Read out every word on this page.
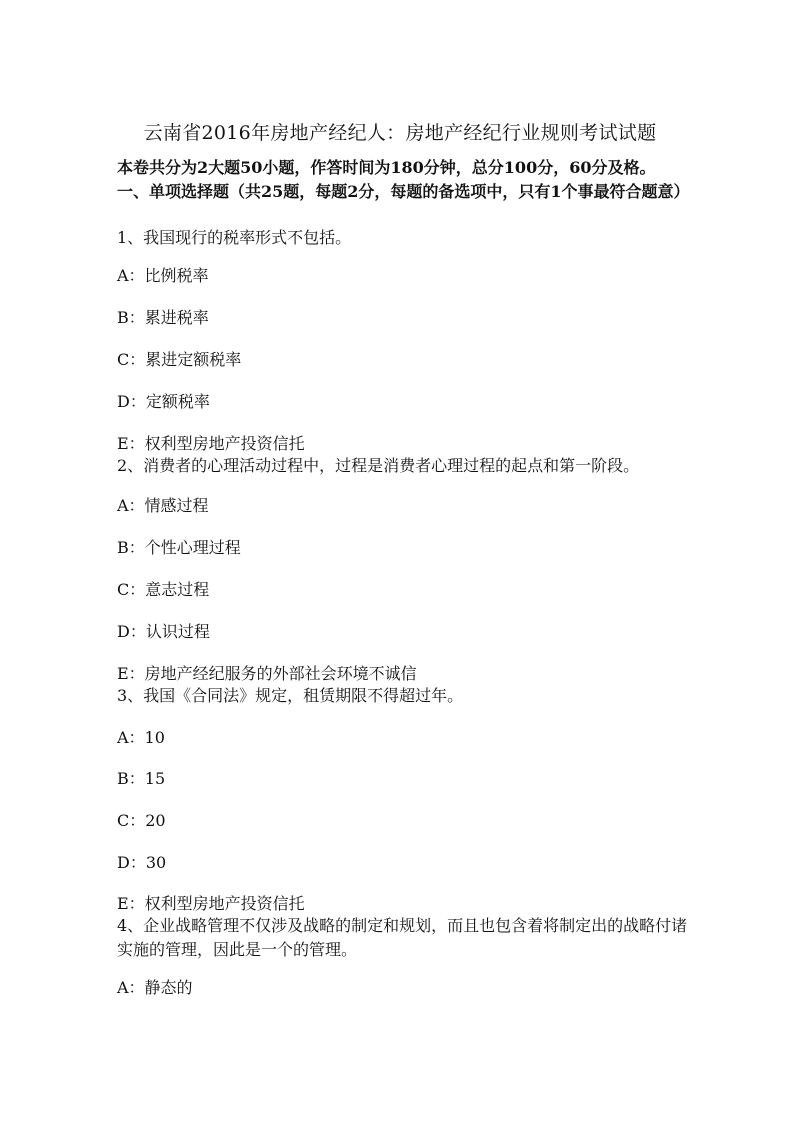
云南省2016年房地产经纪人：房地产经纪行业规则考试试题
本卷共分为2大题50小题，作答时间为180分钟，总分100分，60分及格。
一、单项选择题（共25题，每题2分，每题的备选项中，只有1个事最符合题意）
1、我国现行的税率形式不包括。
A：比例税率
B：累进税率
C：累进定额税率
D：定额税率
E：权利型房地产投资信托
2、消费者的心理活动过程中，过程是消费者心理过程的起点和第一阶段。
A：情感过程
B：个性心理过程
C：意志过程
D：认识过程
E：房地产经纪服务的外部社会环境不诚信
3、我国《合同法》规定，租赁期限不得超过年。
A：10
B：15
C：20
D：30
E：权利型房地产投资信托
4、企业战略管理不仅涉及战略的制定和规划，而且也包含着将制定出的战略付诸实施的管理，因此是一个的管理。
A：静态的
